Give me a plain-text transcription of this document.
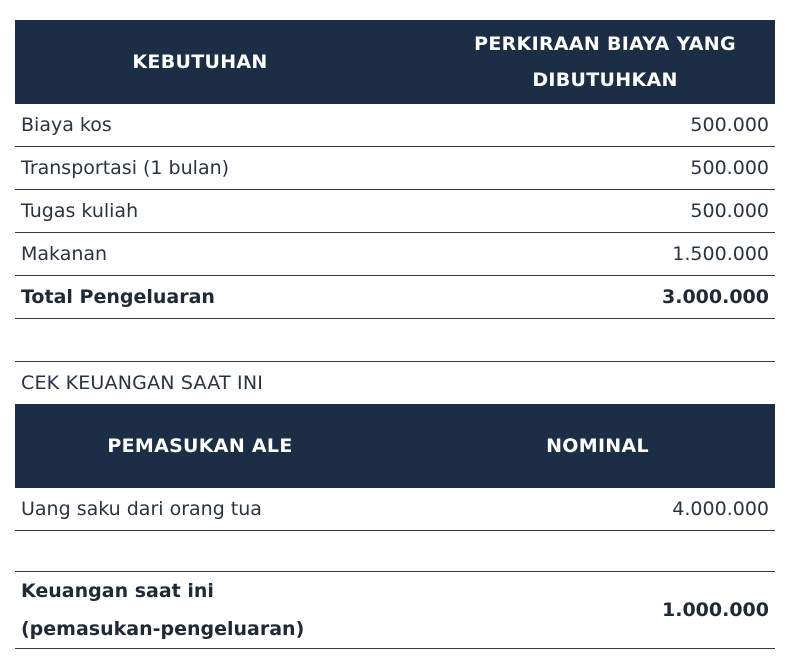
KEBUTUHAN	PERKIRAAN BIAYA YANG
DIBUTUHKAN
Biaya kos	500.000
Transportasi (1 bulan)	500.000
Tugas kuliah	500.000
Makanan	1.500.000
Total Pengeluaran	3.000.000
CEK KEUANGAN SAAT INI
PEMASUKAN ALE	NOMINAL
Uang saku dari orang tua	4.000.000
Keuangan saat ini
(pemasukan-pengeluaran)	1.000.000
